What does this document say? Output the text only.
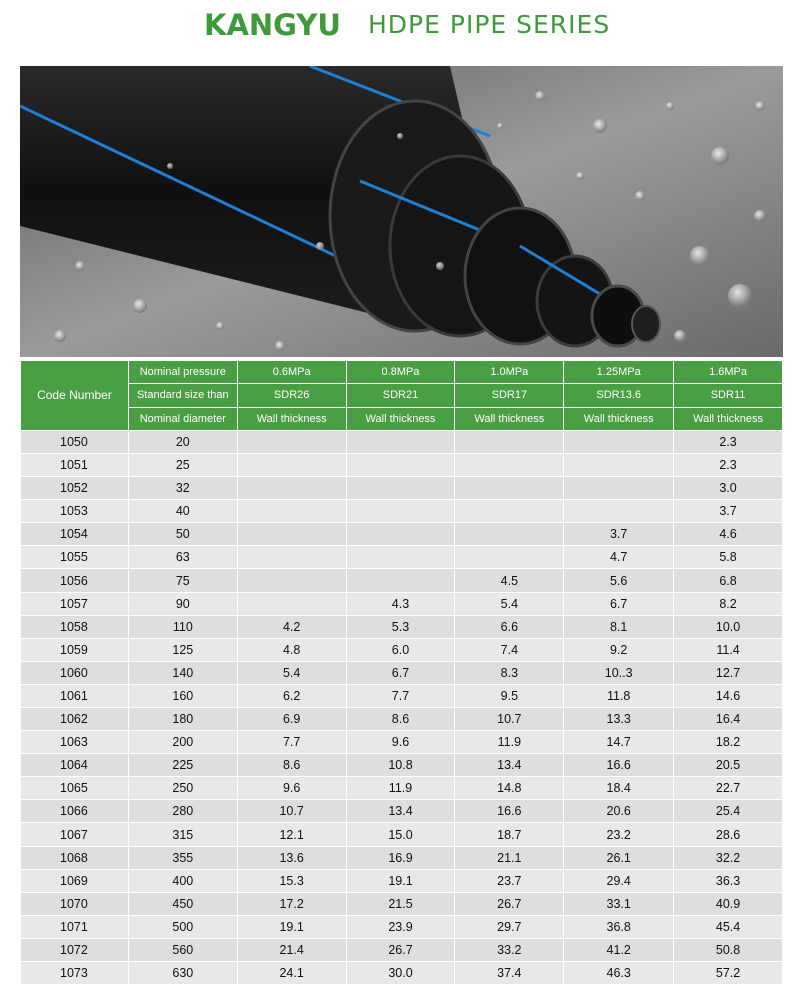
KANGYU HDPE PIPE SERIES
Code Number	Nominal pressure	0.6MPa	0.8MPa	1.0MPa	1.25MPa	1.6MPa
	Standard size than	SDR26	SDR21	SDR17	SDR13.6	SDR11
	Nominal diameter	Wall thickness	Wall thickness	Wall thickness	Wall thickness	Wall thickness
1050	20					2.3
1051	25					2.3
1052	32					3.0
1053	40					3.7
1054	50				3.7	4.6
1055	63				4.7	5.8
1056	75			4.5	5.6	6.8
1057	90		4.3	5.4	6.7	8.2
1058	110	4.2	5.3	6.6	8.1	10.0
1059	125	4.8	6.0	7.4	9.2	11.4
1060	140	5.4	6.7	8.3	10..3	12.7
1061	160	6.2	7.7	9.5	11.8	14.6
1062	180	6.9	8.6	10.7	13.3	16.4
1063	200	7.7	9.6	11.9	14.7	18.2
1064	225	8.6	10.8	13.4	16.6	20.5
1065	250	9.6	11.9	14.8	18.4	22.7
1066	280	10.7	13.4	16.6	20.6	25.4
1067	315	12.1	15.0	18.7	23.2	28.6
1068	355	13.6	16.9	21.1	26.1	32.2
1069	400	15.3	19.1	23.7	29.4	36.3
1070	450	17.2	21.5	26.7	33.1	40.9
1071	500	19.1	23.9	29.7	36.8	45.4
1072	560	21.4	26.7	33.2	41.2	50.8
1073	630	24.1	30.0	37.4	46.3	57.2
